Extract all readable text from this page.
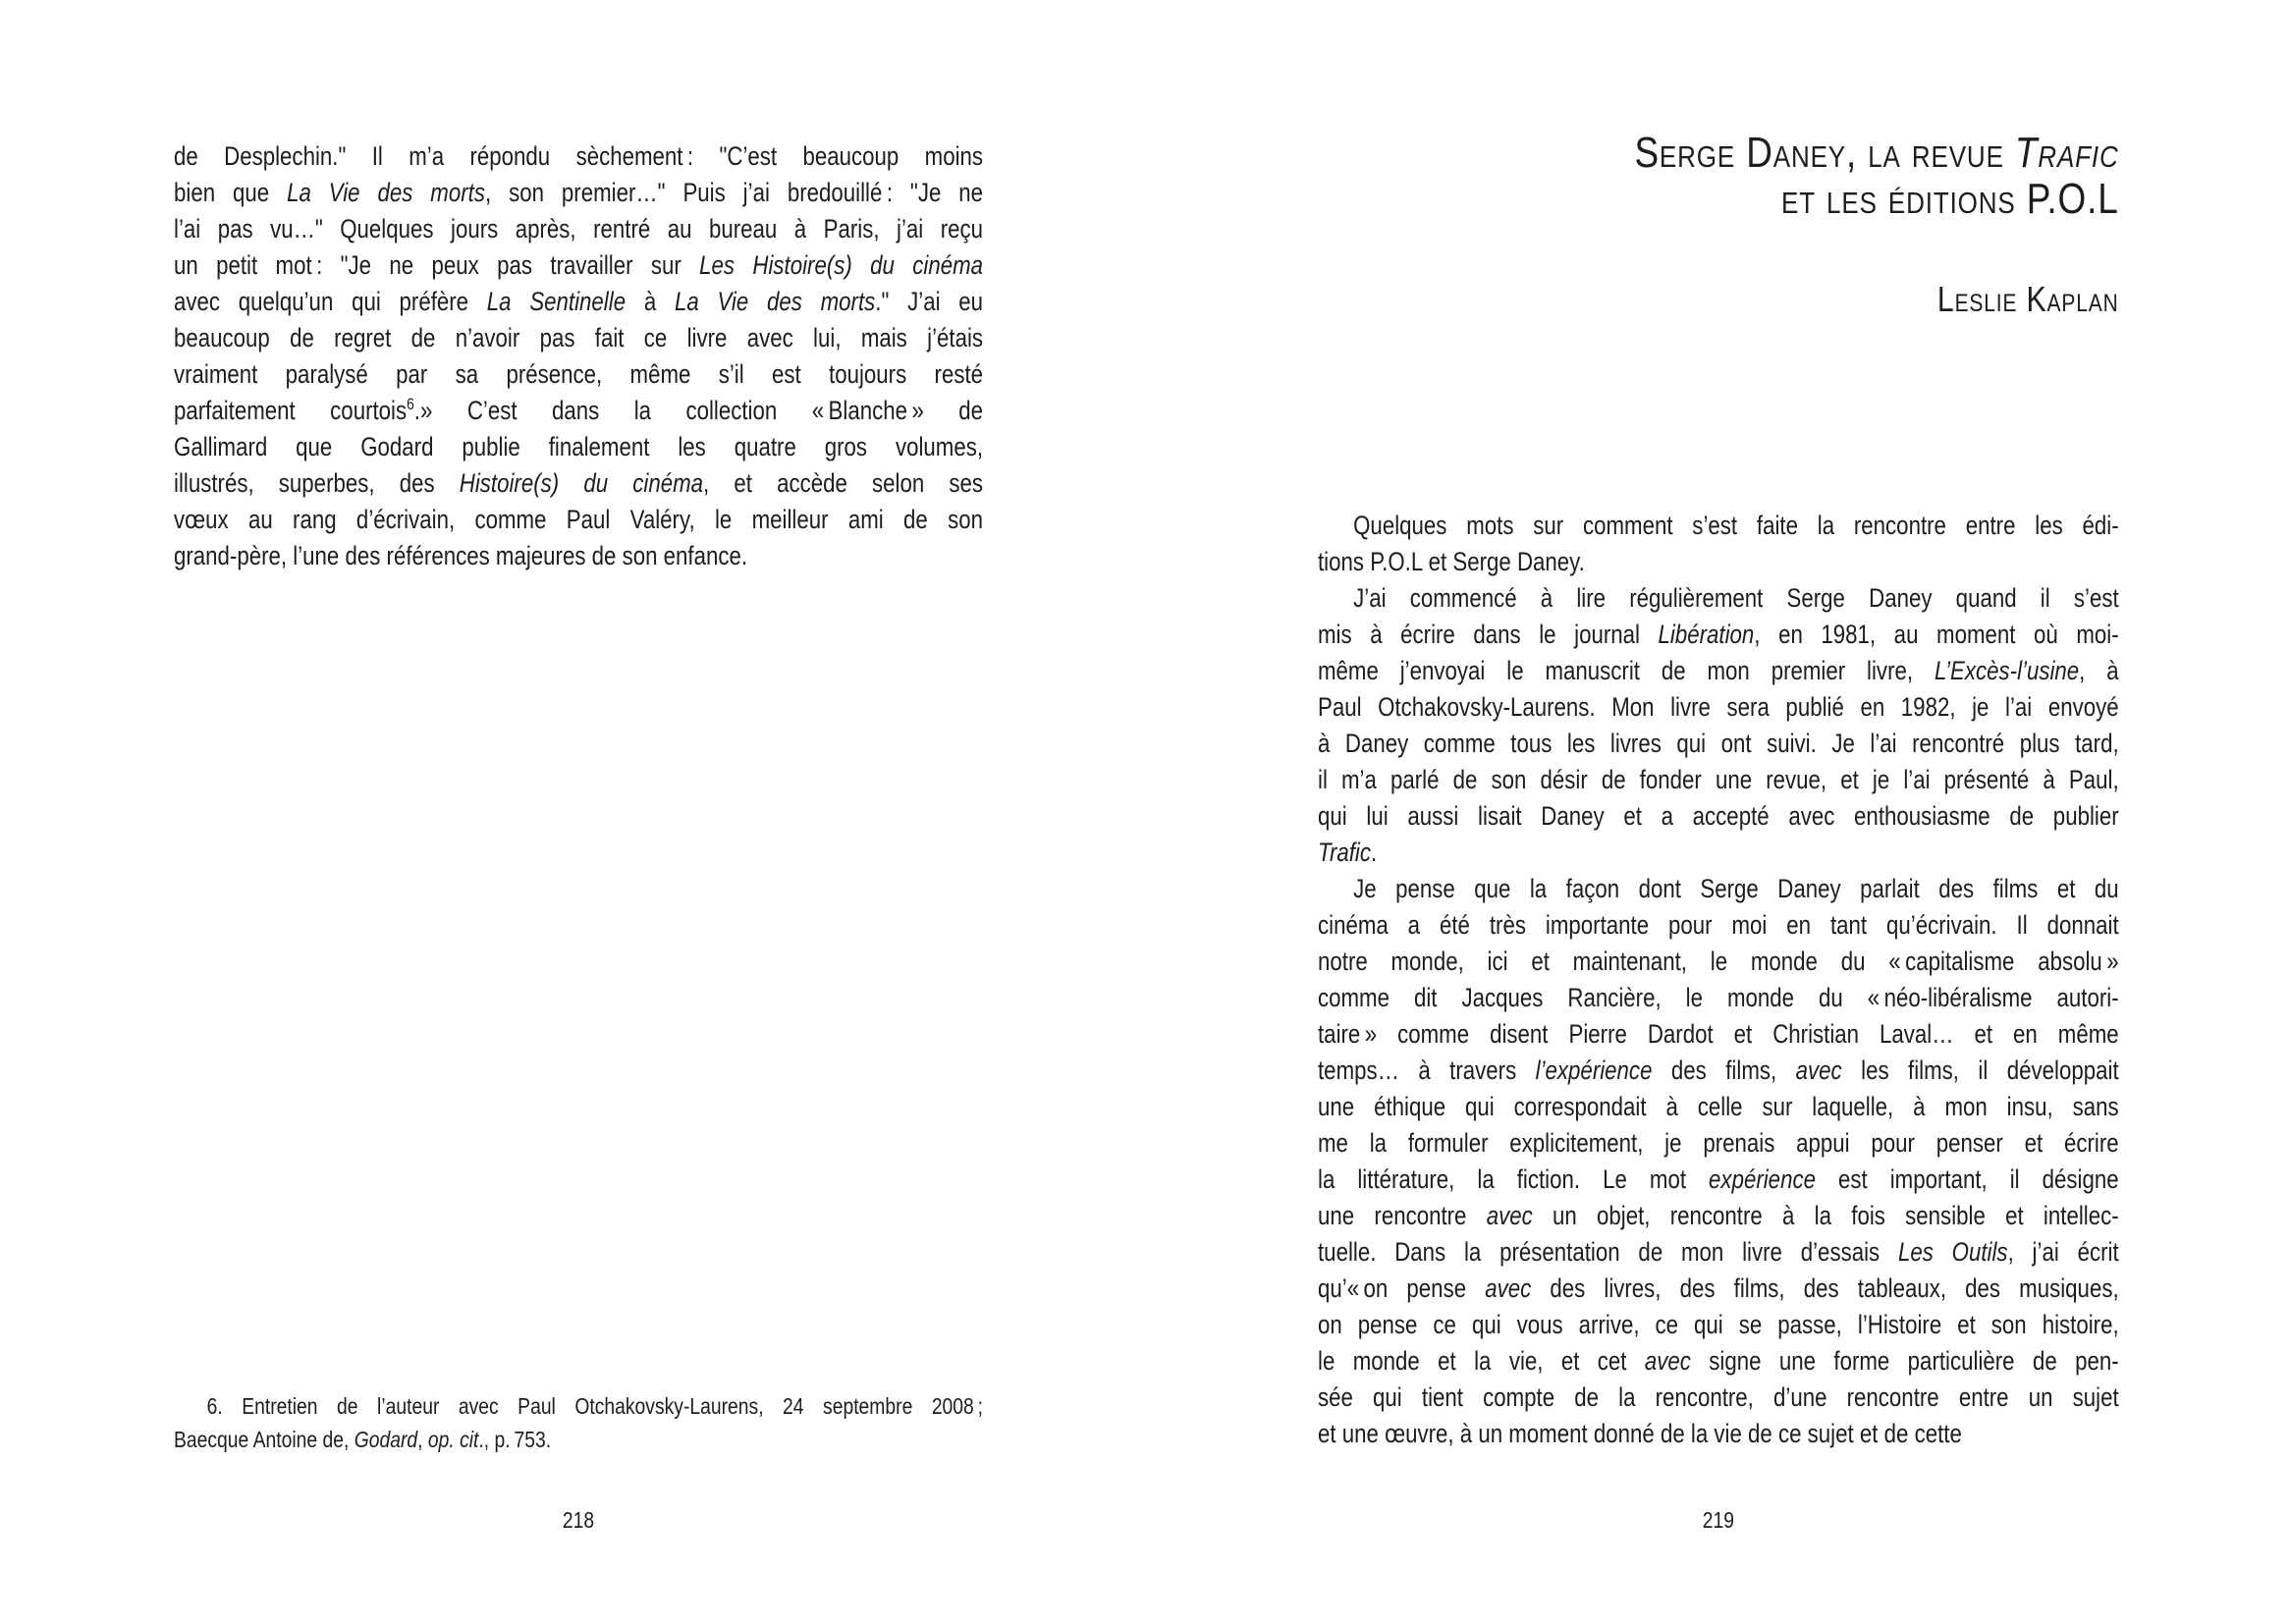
de Desplechin." Il m’a répondu sèchement : "C’est beaucoup moins
bien que La Vie des morts, son premier…" Puis j’ai bredouillé : "Je ne
l’ai pas vu…" Quelques jours après, rentré au bureau à Paris, j’ai reçu
un petit mot : "Je ne peux pas travailler sur Les Histoire(s) du cinéma
avec quelqu’un qui préfère La Sentinelle à La Vie des morts." J’ai eu
beaucoup de regret de n’avoir pas fait ce livre avec lui, mais j’étais
vraiment paralysé par sa présence, même s’il est toujours resté
parfaitement courtois$^6$.» C’est dans la collection « Blanche » de
Gallimard que Godard publie finalement les quatre gros volumes,
illustrés, superbes, des Histoire(s) du cinéma, et accède selon ses
vœux au rang d’écrivain, comme Paul Valéry, le meilleur ami de son
grand-père, l’une des références majeures de son enfance.
6. Entretien de l’auteur avec Paul Otchakovsky-Laurens, 24 septembre 2008 ;
Baecque Antoine de, Godard, op. cit., p. 753.
218
Serge Daney, la revue Trafic
et les éditions P.O.L
Leslie Kaplan
Quelques mots sur comment s’est faite la rencontre entre les édi-
tions P.O.L et Serge Daney.
J’ai commencé à lire régulièrement Serge Daney quand il s’est
mis à écrire dans le journal Libération, en 1981, au moment où moi-
même j’envoyai le manuscrit de mon premier livre, L’Excès-l’usine, à
Paul Otchakovsky-Laurens. Mon livre sera publié en 1982, je l’ai envoyé
à Daney comme tous les livres qui ont suivi. Je l’ai rencontré plus tard,
il m’a parlé de son désir de fonder une revue, et je l’ai présenté à Paul,
qui lui aussi lisait Daney et a accepté avec enthousiasme de publier
Trafic.
Je pense que la façon dont Serge Daney parlait des films et du
cinéma a été très importante pour moi en tant qu’écrivain. Il donnait
notre monde, ici et maintenant, le monde du « capitalisme absolu »
comme dit Jacques Rancière, le monde du « néo-libéralisme autori-
taire » comme disent Pierre Dardot et Christian Laval… et en même
temps… à travers l’expérience des films, avec les films, il développait
une éthique qui correspondait à celle sur laquelle, à mon insu, sans
me la formuler explicitement, je prenais appui pour penser et écrire
la littérature, la fiction. Le mot expérience est important, il désigne
une rencontre avec un objet, rencontre à la fois sensible et intellec-
tuelle. Dans la présentation de mon livre d’essais Les Outils, j’ai écrit
qu’« on pense avec des livres, des films, des tableaux, des musiques,
on pense ce qui vous arrive, ce qui se passe, l’Histoire et son histoire,
le monde et la vie, et cet avec signe une forme particulière de pen-
sée qui tient compte de la rencontre, d’une rencontre entre un sujet
et une œuvre, à un moment donné de la vie de ce sujet et de cette
219
